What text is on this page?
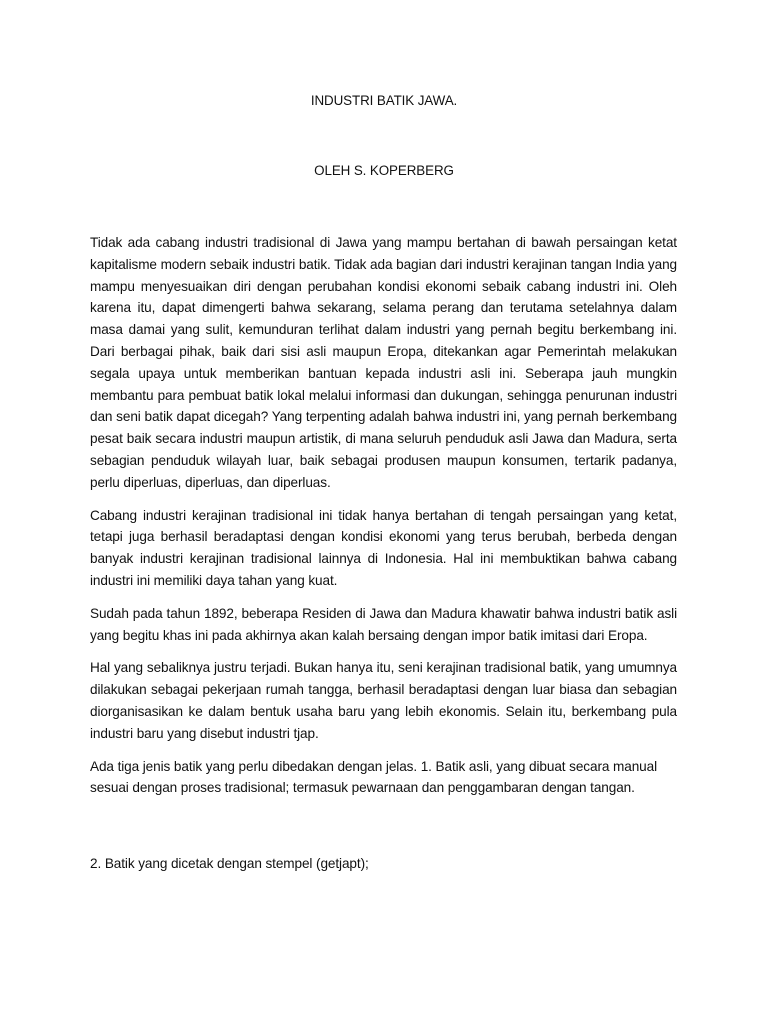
INDUSTRI BATIK JAWA.
OLEH S. KOPERBERG

Tidak ada cabang industri tradisional di Jawa yang mampu bertahan di bawah persaingan ketat kapitalisme modern sebaik industri batik. Tidak ada bagian dari industri kerajinan tangan India yang mampu menyesuaikan diri dengan perubahan kondisi ekonomi sebaik cabang industri ini. Oleh karena itu, dapat dimengerti bahwa sekarang, selama perang dan terutama setelahnya dalam masa damai yang sulit, kemunduran terlihat dalam industri yang pernah begitu berkembang ini. Dari berbagai pihak, baik dari sisi asli maupun Eropa, ditekankan agar Pemerintah melakukan segala upaya untuk memberikan bantuan kepada industri asli ini. Seberapa jauh mungkin membantu para pembuat batik lokal melalui informasi dan dukungan, sehingga penurunan industri dan seni batik dapat dicegah? Yang terpenting adalah bahwa industri ini, yang pernah berkembang pesat baik secara industri maupun artistik, di mana seluruh penduduk asli Jawa dan Madura, serta sebagian penduduk wilayah luar, baik sebagai produsen maupun konsumen, tertarik padanya, perlu diperluas, diperluas, dan diperluas.

Cabang industri kerajinan tradisional ini tidak hanya bertahan di tengah persaingan yang ketat, tetapi juga berhasil beradaptasi dengan kondisi ekonomi yang terus berubah, berbeda dengan banyak industri kerajinan tradisional lainnya di Indonesia. Hal ini membuktikan bahwa cabang industri ini memiliki daya tahan yang kuat.

Sudah pada tahun 1892, beberapa Residen di Jawa dan Madura khawatir bahwa industri batik asli yang begitu khas ini pada akhirnya akan kalah bersaing dengan impor batik imitasi dari Eropa.

Hal yang sebaliknya justru terjadi. Bukan hanya itu, seni kerajinan tradisional batik, yang umumnya dilakukan sebagai pekerjaan rumah tangga, berhasil beradaptasi dengan luar biasa dan sebagian diorganisasikan ke dalam bentuk usaha baru yang lebih ekonomis. Selain itu, berkembang pula industri baru yang disebut industri tjap.

Ada tiga jenis batik yang perlu dibedakan dengan jelas. 1. Batik asli, yang dibuat secara manual sesuai dengan proses tradisional; termasuk pewarnaan dan penggambaran dengan tangan.

2. Batik yang dicetak dengan stempel (getjapt);
